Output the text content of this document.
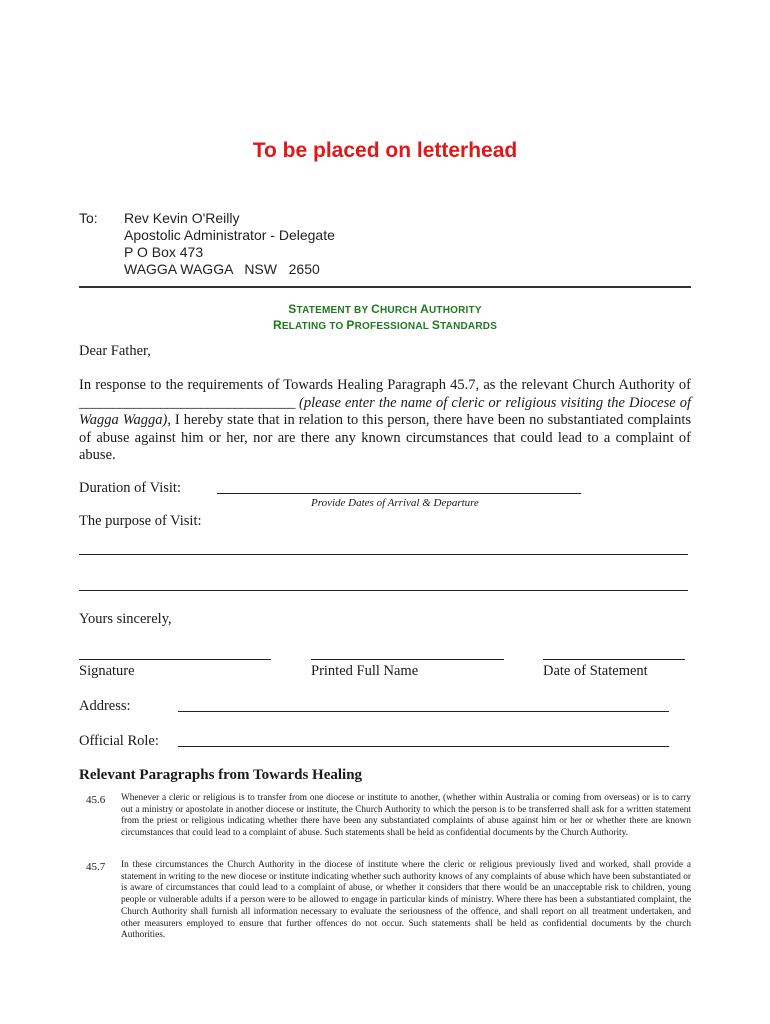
To be placed on letterhead
To: Rev Kevin O'Reilly
Apostolic Administrator - Delegate
P O Box 473
WAGGA WAGGA   NSW   2650
STATEMENT BY CHURCH AUTHORITY
RELATING TO PROFESSIONAL STANDARDS
Dear Father,
In response to the requirements of Towards Healing Paragraph 45.7, as the relevant Church Authority of ________________________________ (please enter the name of cleric or religious visiting the Diocese of Wagga Wagga), I hereby state that in relation to this person, there have been no substantiated complaints of abuse against him or her, nor are there any known circumstances that could lead to a complaint of abuse.
Duration of Visit:
Provide Dates of Arrival & Departure
The purpose of Visit:
Yours sincerely,
Signature	Printed Full Name	Date of Statement
Address:
Official Role:
Relevant Paragraphs from Towards Healing
45.6 Whenever a cleric or religious is to transfer from one diocese or institute to another, (whether within Australia or coming from overseas) or is to carry out a ministry or apostolate in another diocese or institute, the Church Authority to which the person is to be transferred shall ask for a written statement from the priest or religious indicating whether there have been any substantiated complaints of abuse against him or her or whether there are known circumstances that could lead to a complaint of abuse. Such statements shall be held as confidential documents by the Church Authority.
45.7 In these circumstances the Church Authority in the diocese of institute where the cleric or religious previously lived and worked, shall provide a statement in writing to the new diocese or institute indicating whether such authority knows of any complaints of abuse which have been substantiated or is aware of circumstances that could lead to a complaint of abuse, or whether it considers that there would be an unacceptable risk to children, young people or vulnerable adults if a person were to be allowed to engage in particular kinds of ministry. Where there has been a substantiated complaint, the Church Authority shall furnish all information necessary to evaluate the seriousness of the offence, and shall report on all treatment undertaken, and other measurers employed to ensure that further offences do not occur. Such statements shall be held as confidential documents by the church Authorities.
